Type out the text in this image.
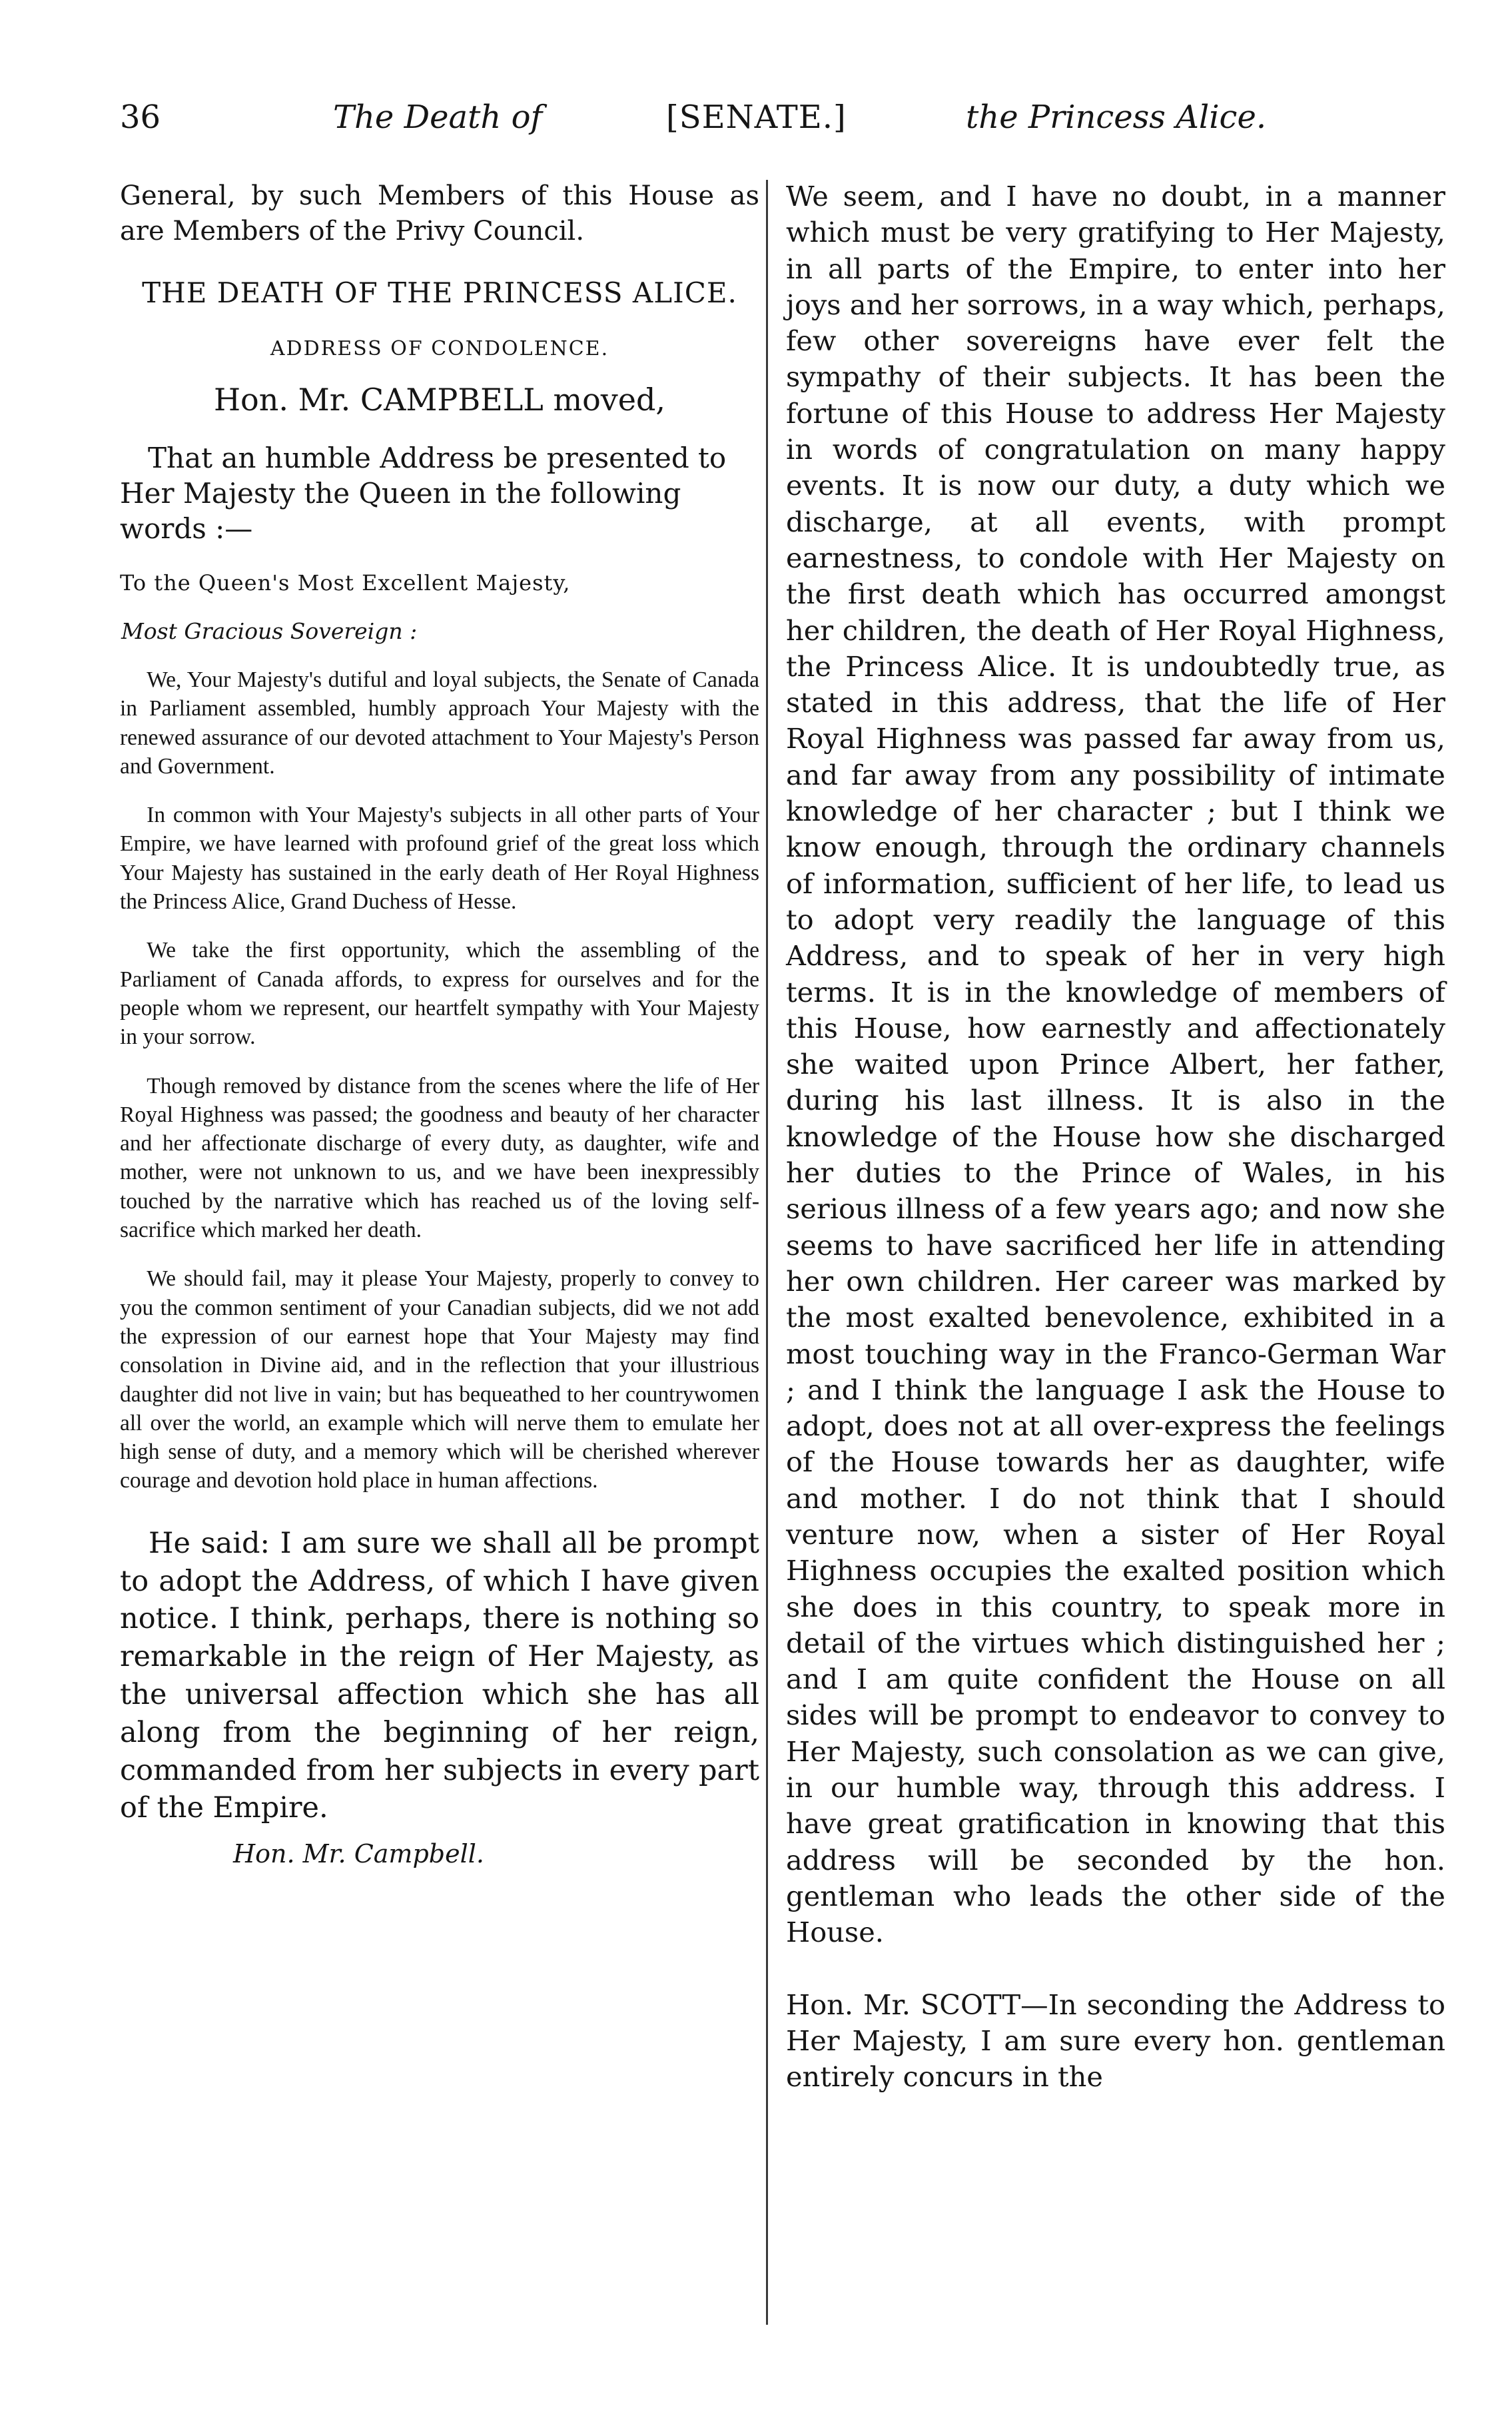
36	The Death of	[SENATE.]	the Princess Alice.

General, by such Members of this House as are Members of the Privy Council.

THE DEATH OF THE PRINCESS ALICE.

ADDRESS OF CONDOLENCE.

Hon. Mr. CAMPBELL moved,

That an humble Address be presented to Her Majesty the Queen in the following words :—

To the Queen's Most Excellent Majesty,

Most Gracious Sovereign :

We, Your Majesty's dutiful and loyal subjects, the Senate of Canada in Parliament assembled, humbly approach Your Majesty with the renewed assurance of our devoted attachment to Your Majesty's Person and Government.

In common with Your Majesty's subjects in all other parts of Your Empire, we have learned with profound grief of the great loss which Your Majesty has sustained in the early death of Her Royal Highness the Princess Alice, Grand Duchess of Hesse.

We take the first opportunity, which the assembling of the Parliament of Canada affords, to express for ourselves and for the people whom we represent, our heartfelt sympathy with Your Majesty in your sorrow.

Though removed by distance from the scenes where the life of Her Royal Highness was passed; the goodness and beauty of her character and her affectionate discharge of every duty, as daughter, wife and mother, were not unknown to us, and we have been inexpressibly touched by the narrative which has reached us of the loving self-sacrifice which marked her death.

We should fail, may it please Your Majesty, properly to convey to you the common sentiment of your Canadian subjects, did we not add the expression of our earnest hope that Your Majesty may find consolation in Divine aid, and in the reflection that your illustrious daughter did not live in vain; but has bequeathed to her countrywomen all over the world, an example which will nerve them to emulate her high sense of duty, and a memory which will be cherished wherever courage and devotion hold place in human affections.

He said: I am sure we shall all be prompt to adopt the Address, of which I have given notice. I think, perhaps, there is nothing so remarkable in the reign of Her Majesty, as the universal affection which she has all along from the beginning of her reign, commanded from her subjects in every part of the Empire.

Hon. Mr. Campbell.

We seem, and I have no doubt, in a manner which must be very gratifying to Her Majesty, in all parts of the Empire, to enter into her joys and her sorrows, in a way which, perhaps, few other sovereigns have ever felt the sympathy of their subjects. It has been the fortune of this House to address Her Majesty in words of congratulation on many happy events. It is now our duty, a duty which we discharge, at all events, with prompt earnestness, to condole with Her Majesty on the first death which has occurred amongst her children, the death of Her Royal Highness, the Princess Alice. It is undoubtedly true, as stated in this address, that the life of Her Royal Highness was passed far away from us, and far away from any possibility of intimate knowledge of her character ; but I think we know enough, through the ordinary channels of information, sufficient of her life, to lead us to adopt very readily the language of this Address, and to speak of her in very high terms. It is in the knowledge of members of this House, how earnestly and affectionately she waited upon Prince Albert, her father, during his last illness. It is also in the knowledge of the House how she discharged her duties to the Prince of Wales, in his serious illness of a few years ago; and now she seems to have sacrificed her life in attending her own children. Her career was marked by the most exalted benevolence, exhibited in a most touching way in the Franco-German War ; and I think the language I ask the House to adopt, does not at all over-express the feelings of the House towards her as daughter, wife and mother. I do not think that I should venture now, when a sister of Her Royal Highness occupies the exalted position which she does in this country, to speak more in detail of the virtues which distinguished her ; and I am quite confident the House on all sides will be prompt to endeavor to convey to Her Majesty, such consolation as we can give, in our humble way, through this address. I have great gratification in knowing that this address will be seconded by the hon. gentleman who leads the other side of the House.

Hon. Mr. SCOTT—In seconding the Address to Her Majesty, I am sure every hon. gentleman entirely concurs in the
